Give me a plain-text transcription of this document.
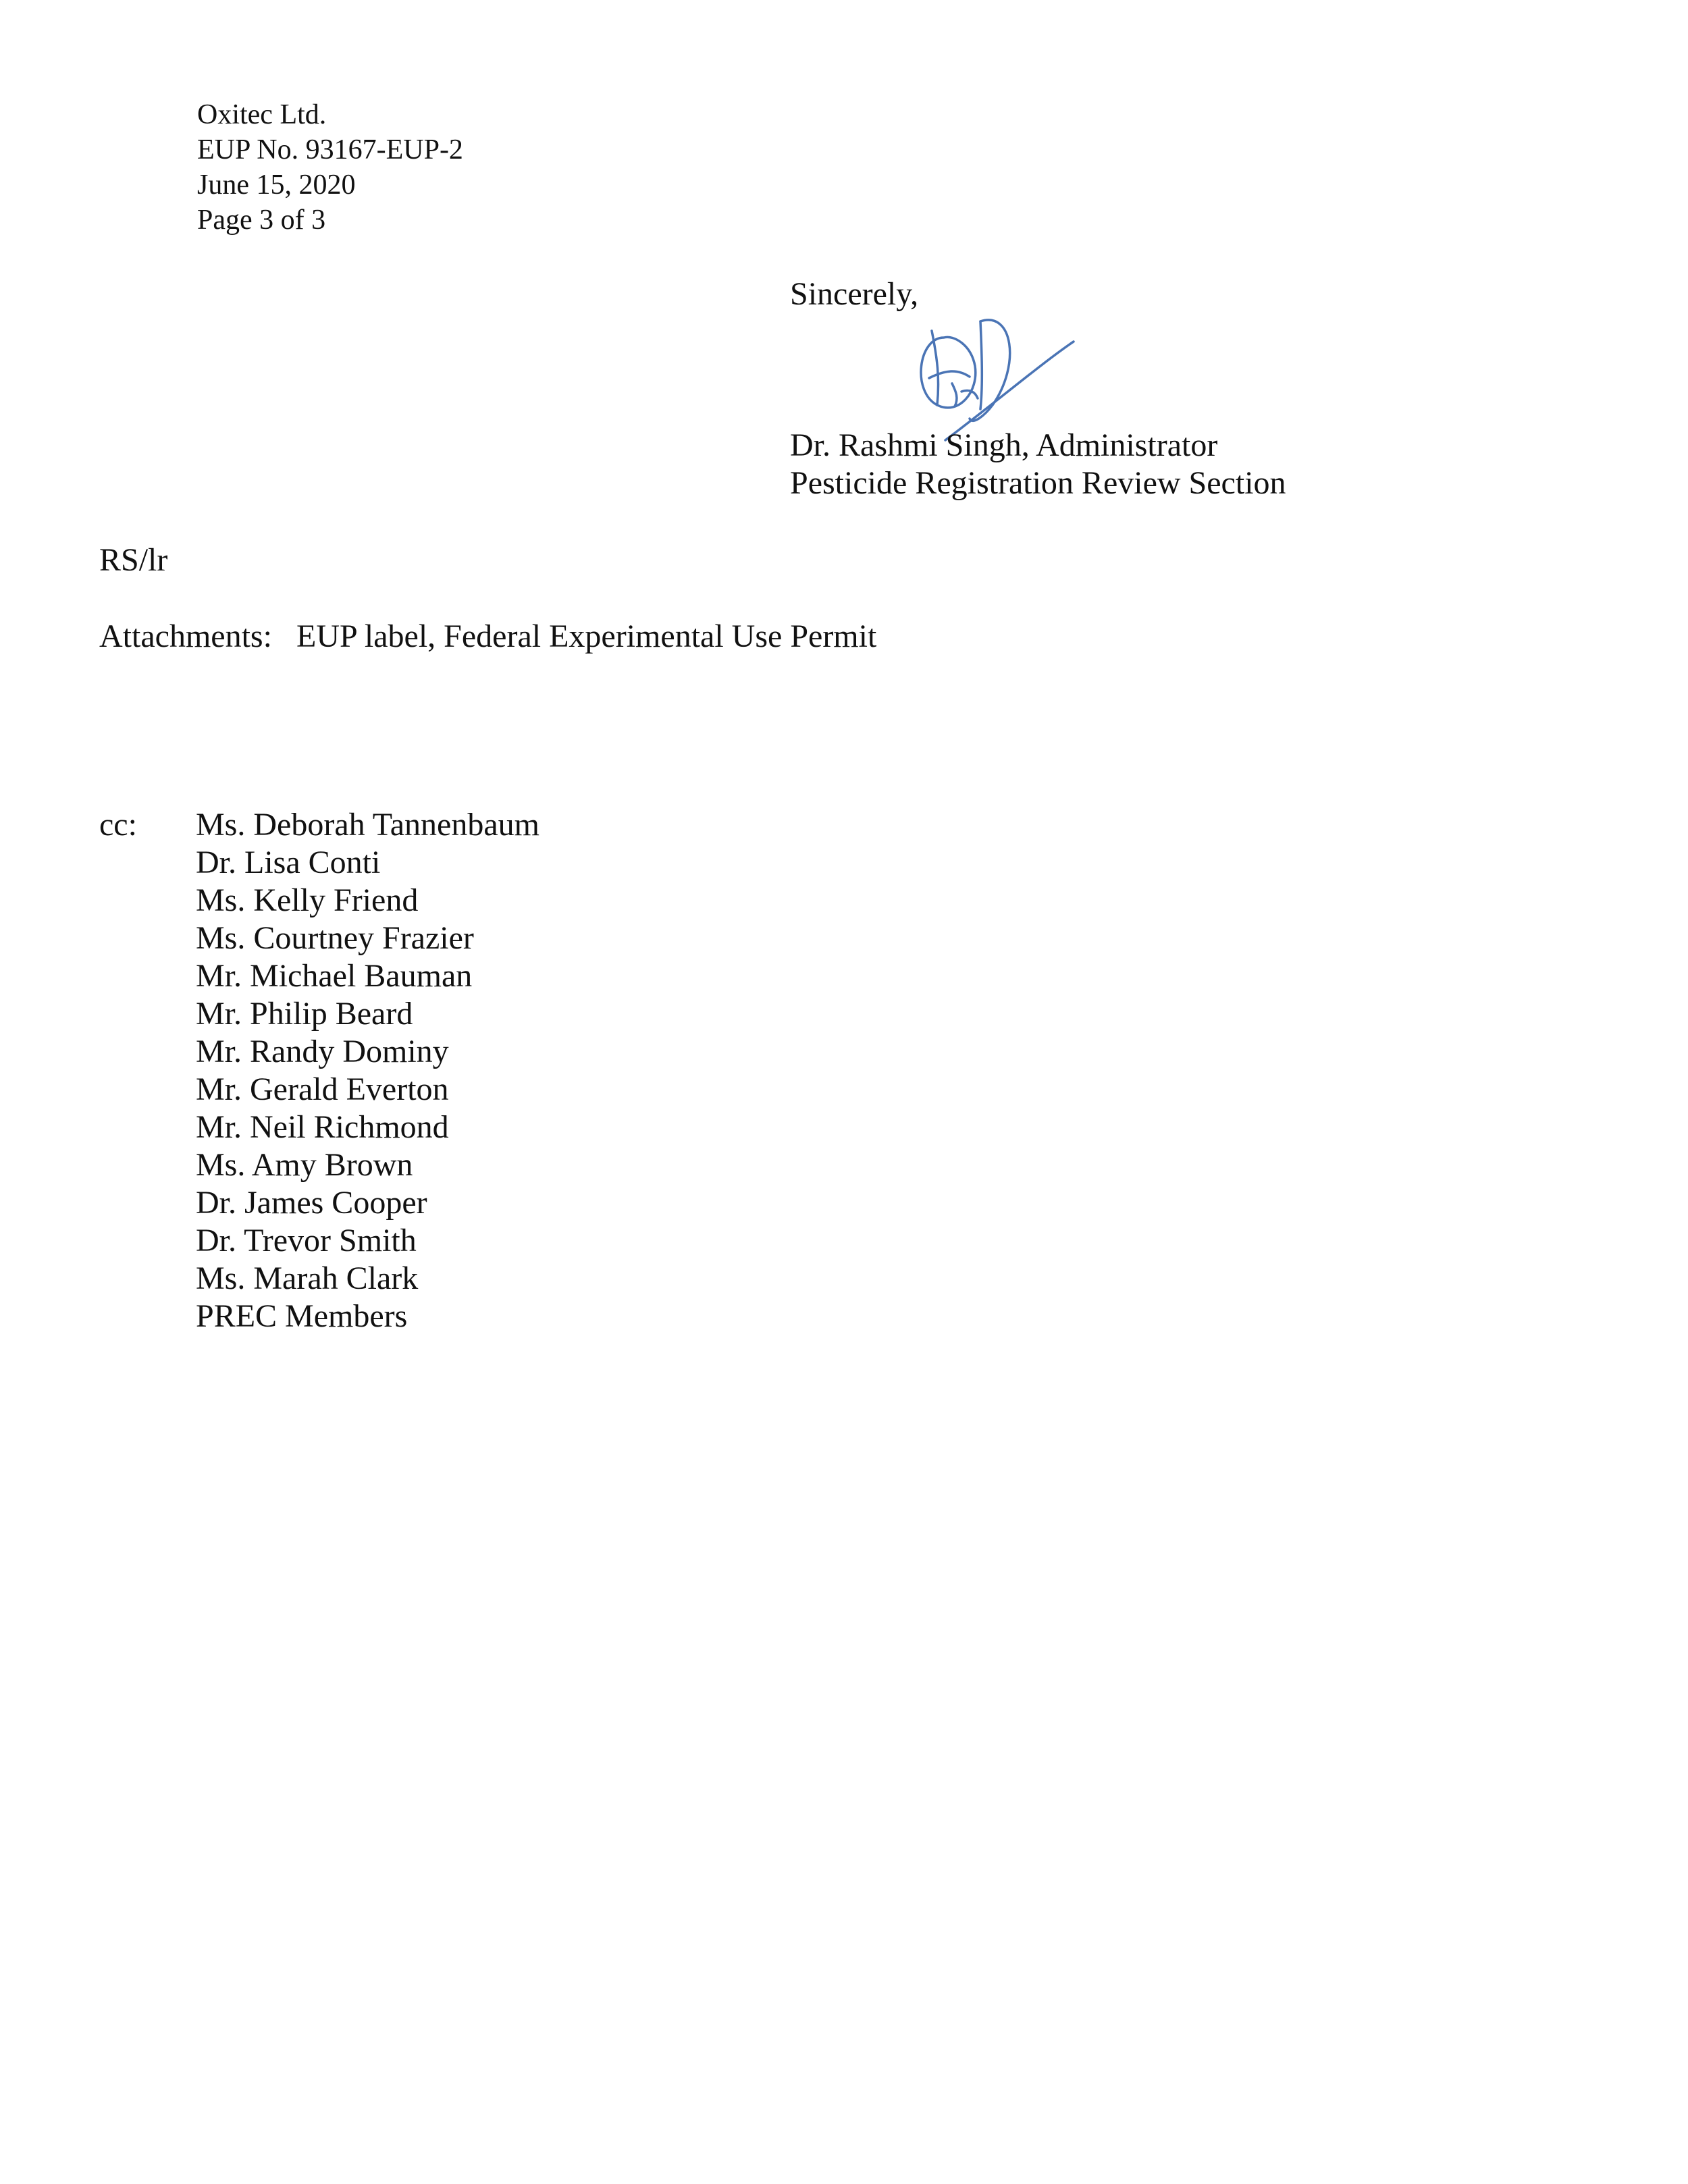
Oxitec Ltd.
EUP No. 93167-EUP-2
June 15, 2020
Page 3 of 3
Sincerely,
Dr. Rashmi Singh, Administrator
Pesticide Registration Review Section
RS/lr
Attachments: EUP label, Federal Experimental Use Permit
cc: Ms. Deborah Tannenbaum
Dr. Lisa Conti
Ms. Kelly Friend
Ms. Courtney Frazier
Mr. Michael Bauman
Mr. Philip Beard
Mr. Randy Dominy
Mr. Gerald Everton
Mr. Neil Richmond
Ms. Amy Brown
Dr. James Cooper
Dr. Trevor Smith
Ms. Marah Clark
PREC Members
